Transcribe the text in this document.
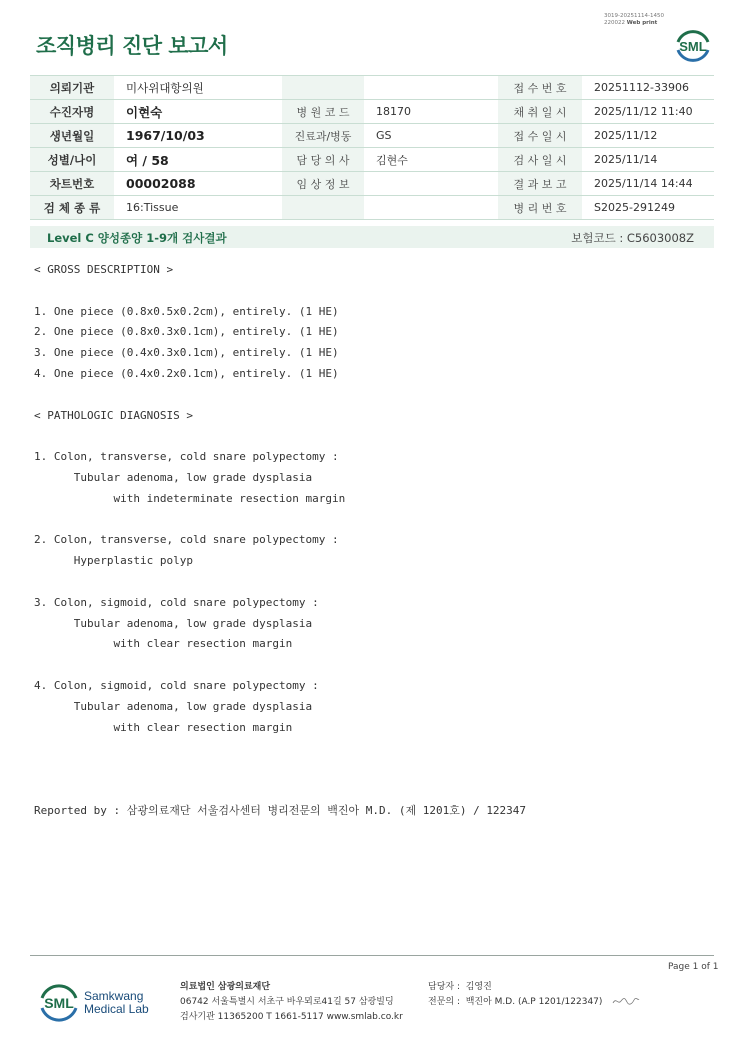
3019-20251114-1450
220022 Web print
조직병리 진단 보고서	SML
의뢰기관	미사위대항의원			접 수 번 호	20251112-33906
수진자명	이현숙	병 원 코 드	18170	채 취 일 시	2025/11/12 11:40
생년월일	1967/10/03	진료과/병동	GS	접 수 일 시	2025/11/12
성별/나이	여 / 58	담 당 의 사	김현수	검 사 일 시	2025/11/14
차트번호	00002088	임 상 정 보		결 과 보 고	2025/11/14 14:44
검 체 종 류	16:Tissue			병 리 번 호	S2025-291249
Level C 양성종양 1-9개 검사결과	보험코드 : C5603008Z
< GROSS DESCRIPTION >
1. One piece (0.8x0.5x0.2cm), entirely. (1 HE)
2. One piece (0.8x0.3x0.1cm), entirely. (1 HE)
3. One piece (0.4x0.3x0.1cm), entirely. (1 HE)
4. One piece (0.4x0.2x0.1cm), entirely. (1 HE)
< PATHOLOGIC DIAGNOSIS >
1. Colon, transverse, cold snare polypectomy :
Tubular adenoma, low grade dysplasia
with indeterminate resection margin
2. Colon, transverse, cold snare polypectomy :
Hyperplastic polyp
3. Colon, sigmoid, cold snare polypectomy :
Tubular adenoma, low grade dysplasia
with clear resection margin
4. Colon, sigmoid, cold snare polypectomy :
Tubular adenoma, low grade dysplasia
with clear resection margin
Reported by : 삼광의료재단 서울검사센터 병리전문의 백진아 M.D. (제 1201호) / 122347
Page 1 of 1
SML Samkwang
Medical Lab
의료법인 삼광의료재단
06742 서울특별시 서초구 바우뫼로41길 57 삼광빌딩
검사기관 11365200 T 1661-5117 www.smlab.co.kr
담당자 : 김영진
전문의 : 백진아 M.D. (A.P 1201/122347)
